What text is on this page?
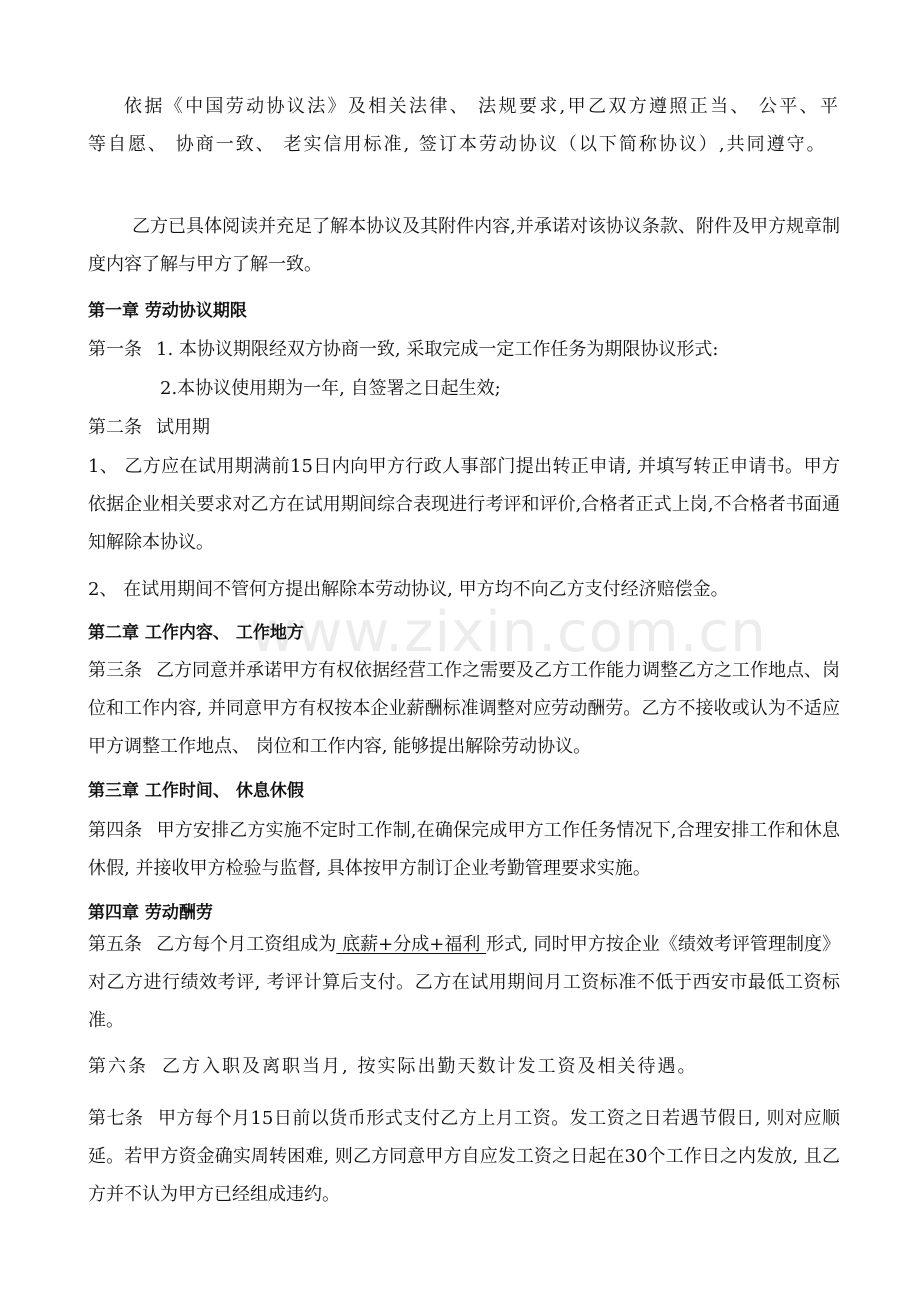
依据《中国劳动协议法》及相关法律、 法规要求,甲乙双方遵照正当、 公平、平等自愿、 协商一致、 老实信用标准, 签订本劳动协议（以下简称协议）,共同遵守。

乙方已具体阅读并充足了解本协议及其附件内容,并承诺对该协议条款、附件及甲方规章制度内容了解与甲方了解一致。

第一章 劳动协议期限

第一条 1. 本协议期限经双方协商一致, 采取完成一定工作任务为期限协议形式:

2.本协议使用期为一年, 自签署之日起生效;

第二条 试用期

1、 乙方应在试用期满前15日内向甲方行政人事部门提出转正申请, 并填写转正申请书。甲方依据企业相关要求对乙方在试用期间综合表现进行考评和评价,合格者正式上岗,不合格者书面通知解除本协议。

2、 在试用期间不管何方提出解除本劳动协议, 甲方均不向乙方支付经济赔偿金。

第二章 工作内容、 工作地方

第三条 乙方同意并承诺甲方有权依据经营工作之需要及乙方工作能力调整乙方之工作地点、岗位和工作内容, 并同意甲方有权按本企业薪酬标准调整对应劳动酬劳。乙方不接收或认为不适应甲方调整工作地点、 岗位和工作内容, 能够提出解除劳动协议。

第三章 工作时间、 休息休假

第四条 甲方安排乙方实施不定时工作制,在确保完成甲方工作任务情况下,合理安排工作和休息休假, 并接收甲方检验与监督, 具体按甲方制订企业考勤管理要求实施。

第四章 劳动酬劳

第五条 乙方每个月工资组成为 底薪+分成+福利 形式, 同时甲方按企业《绩效考评管理制度》对乙方进行绩效考评, 考评计算后支付。乙方在试用期间月工资标准不低于西安市最低工资标准。

第六条 乙方入职及离职当月, 按实际出勤天数计发工资及相关待遇。

第七条 甲方每个月15日前以货币形式支付乙方上月工资。发工资之日若遇节假日, 则对应顺延。若甲方资金确实周转困难, 则乙方同意甲方自应发工资之日起在30个工作日之内发放, 且乙方并不认为甲方已经组成违约。

www.zixin.com.cn
